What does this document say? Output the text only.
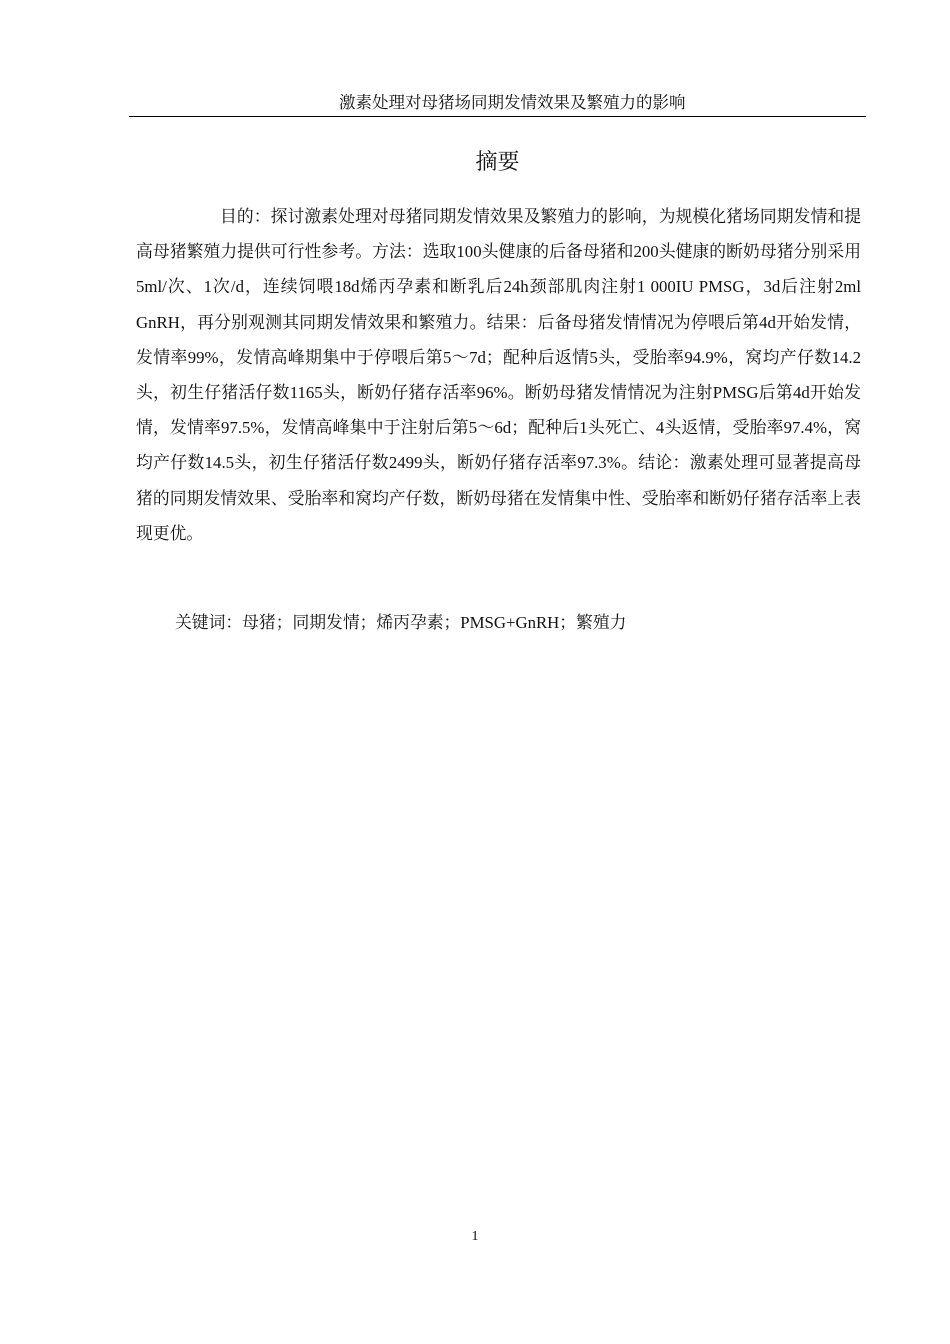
激素处理对母猪场同期发情效果及繁殖力的影响
摘要

目的：探讨激素处理对母猪同期发情效果及繁殖力的影响，为规模化猪场同期发情和提高母猪繁殖力提供可行性参考。方法：选取100头健康的后备母猪和200头健康的断奶母猪分别采用5ml/次、1次/d，连续饲喂18d烯丙孕素和断乳后24h颈部肌肉注射1 000IU PMSG，3d后注射2ml GnRH，再分别观测其同期发情效果和繁殖力。结果：后备母猪发情情况为停喂后第4d开始发情，发情率99%，发情高峰期集中于停喂后第5～7d；配种后返情5头，受胎率94.9%，窝均产仔数14.2头，初生仔猪活仔数1165头，断奶仔猪存活率96%。断奶母猪发情情况为注射PMSG后第4d开始发情，发情率97.5%，发情高峰集中于注射后第5～6d；配种后1头死亡、4头返情，受胎率97.4%，窝均产仔数14.5头，初生仔猪活仔数2499头，断奶仔猪存活率97.3%。结论：激素处理可显著提高母猪的同期发情效果、受胎率和窝均产仔数，断奶母猪在发情集中性、受胎率和断奶仔猪存活率上表现更优。

关键词：母猪；同期发情；烯丙孕素；PMSG+GnRH；繁殖力
1
